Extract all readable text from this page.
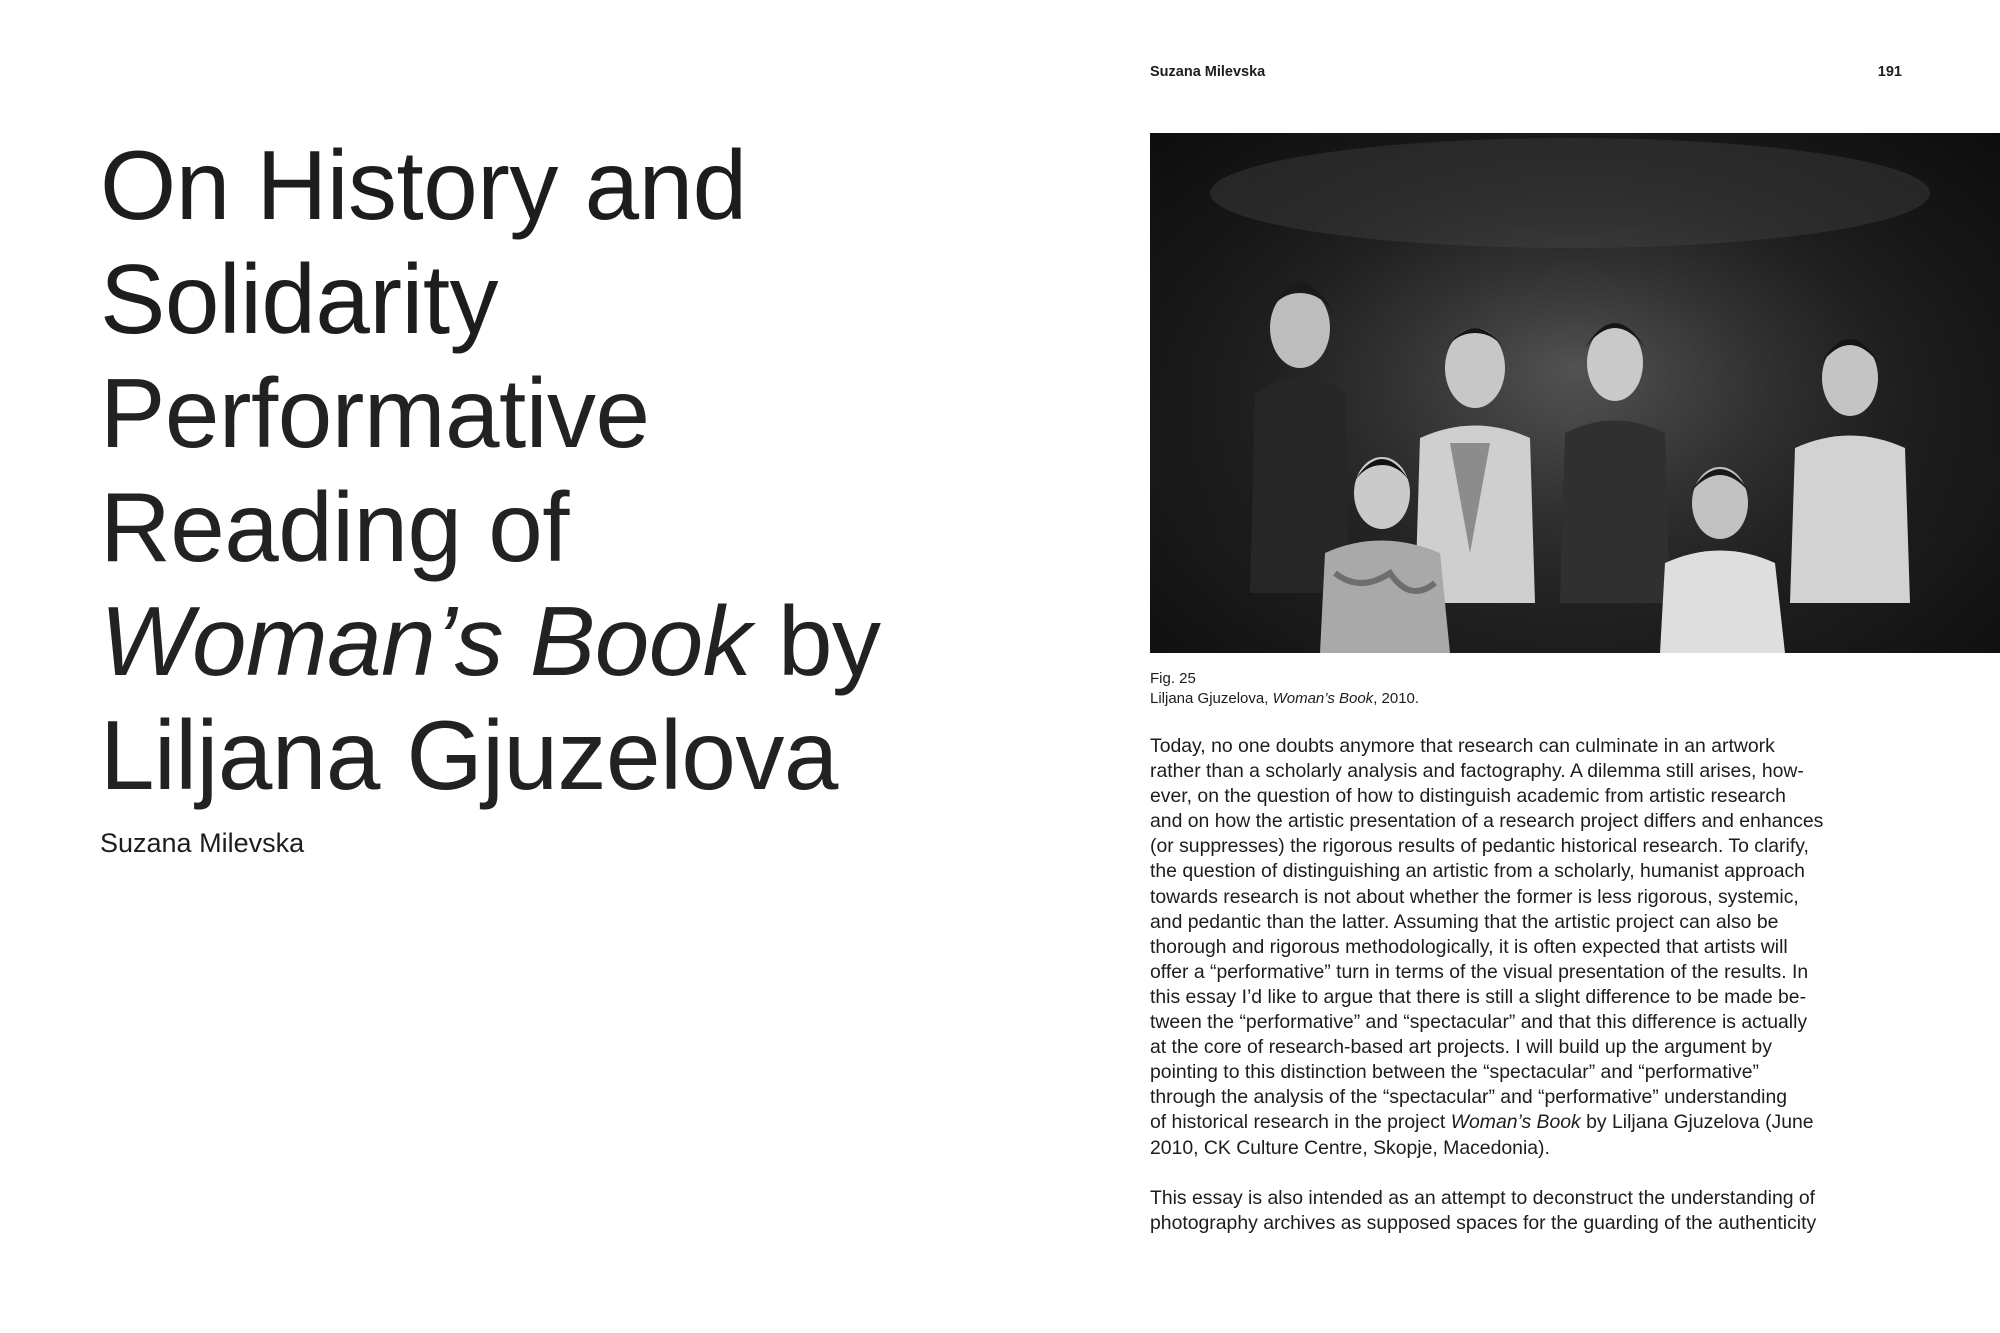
On History and
Solidarity
Performative
Reading of
Woman’s Book by
Liljana Gjuzelova
Suzana Milevska
Suzana Milevska	191
Fig. 25
Liljana Gjuzelova, Woman’s Book, 2010.
Today, no one doubts anymore that research can culminate in an artwork
rather than a scholarly analysis and factography. A dilemma still arises, how-
ever, on the question of how to distinguish academic from artistic research
and on how the artistic presentation of a research project differs and enhances
(or suppresses) the rigorous results of pedantic historical research. To clarify,
the question of distinguishing an artistic from a scholarly, humanist approach
towards research is not about whether the former is less rigorous, systemic,
and pedantic than the latter. Assuming that the artistic project can also be
thorough and rigorous methodologically, it is often expected that artists will
offer a “performative” turn in terms of the visual presentation of the results. In
this essay I’d like to argue that there is still a slight difference to be made be-
tween the “performative” and “spectacular” and that this difference is actually
at the core of research-based art projects. I will build up the argument by
pointing to this distinction between the “spectacular” and “performative”
through the analysis of the “spectacular” and “performative” understanding
of historical research in the project Woman’s Book by Liljana Gjuzelova (June
2010, CK Culture Centre, Skopje, Macedonia).
This essay is also intended as an attempt to deconstruct the understanding of
photography archives as supposed spaces for the guarding of the authenticity
